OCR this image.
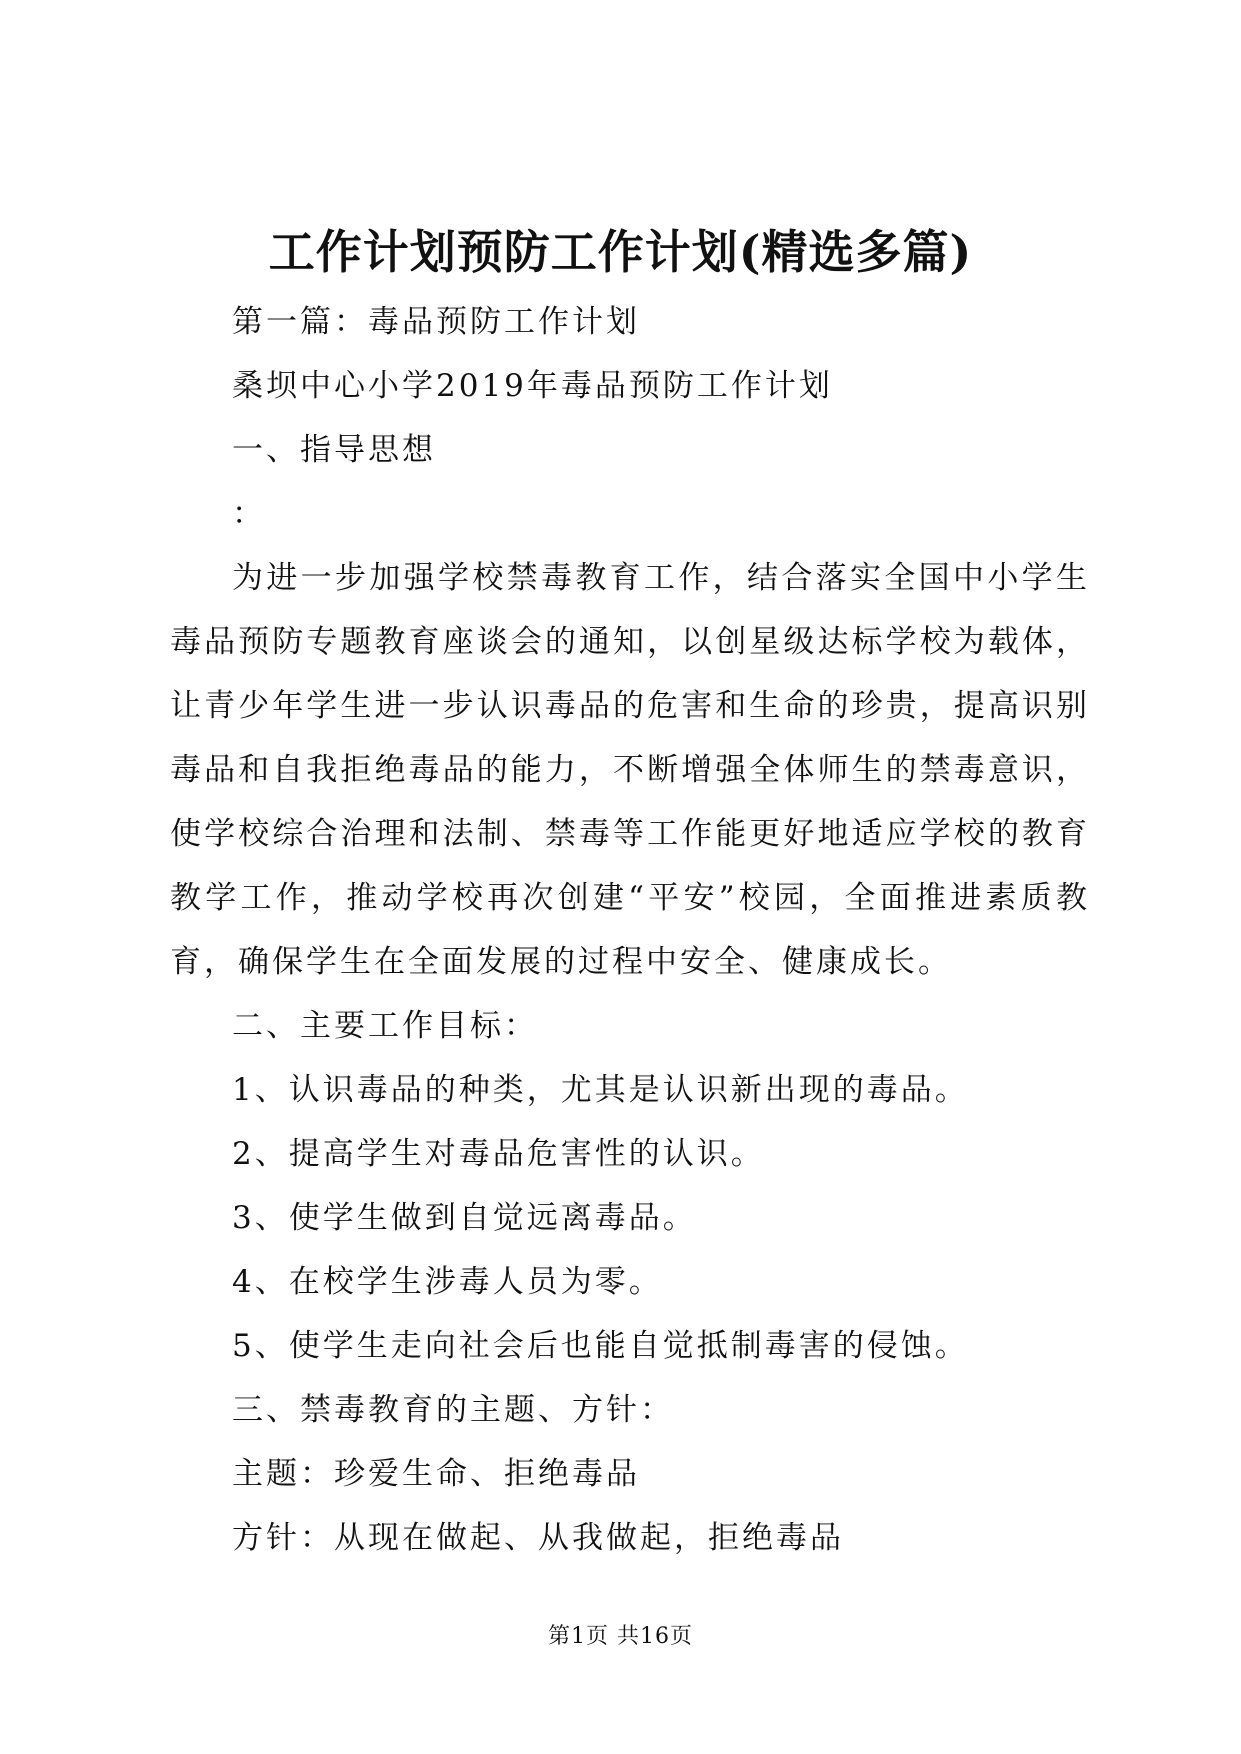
工作计划预防工作计划(精选多篇)
第一篇：毒品预防工作计划
桑坝中心小学2019年毒品预防工作计划
一、指导思想
：
为进一步加强学校禁毒教育工作，结合落实全国中小学生毒品预防专题教育座谈会的通知，以创星级达标学校为载体，让青少年学生进一步认识毒品的危害和生命的珍贵，提高识别毒品和自我拒绝毒品的能力，不断增强全体师生的禁毒意识，使学校综合治理和法制、禁毒等工作能更好地适应学校的教育教学工作，推动学校再次创建“平安”校园，全面推进素质教育，确保学生在全面发展的过程中安全、健康成长。
二、主要工作目标：
1、认识毒品的种类，尤其是认识新出现的毒品。
2、提高学生对毒品危害性的认识。
3、使学生做到自觉远离毒品。
4、在校学生涉毒人员为零。
5、使学生走向社会后也能自觉抵制毒害的侵蚀。
三、禁毒教育的主题、方针：
主题：珍爱生命、拒绝毒品
方针：从现在做起、从我做起，拒绝毒品
第1页 共16页
